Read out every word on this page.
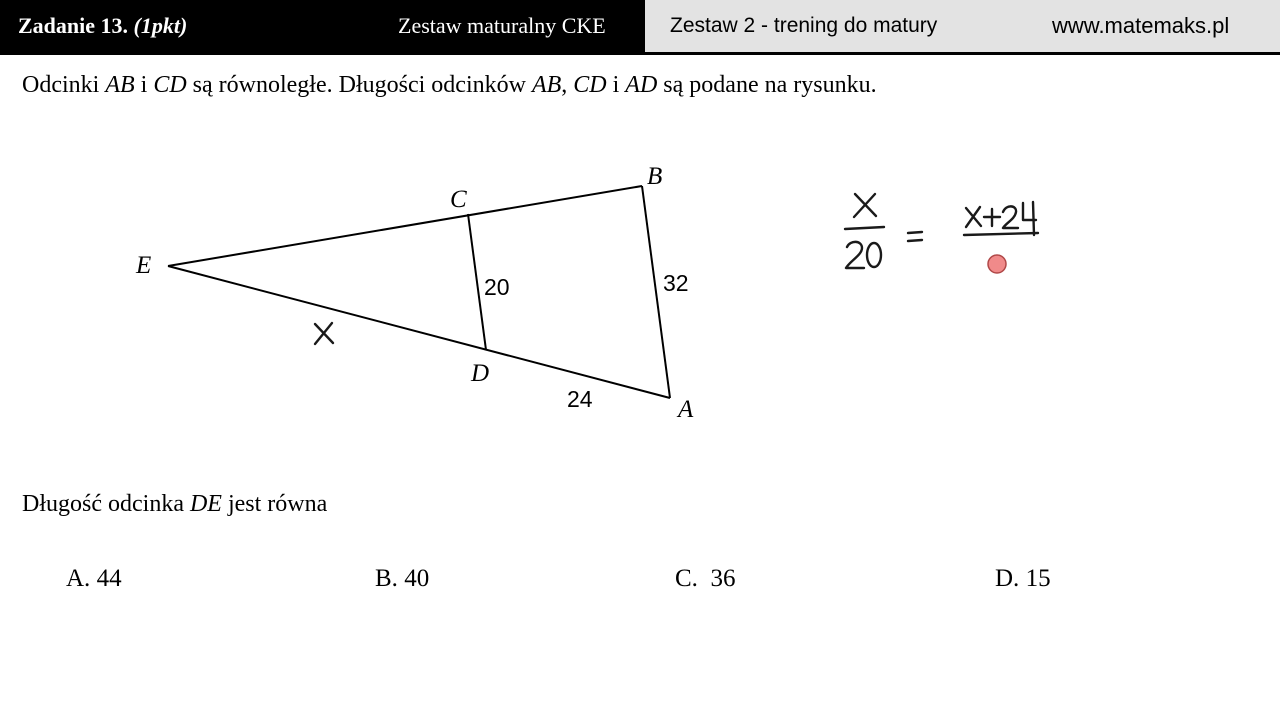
Zadanie 13. (1pkt)	Zestaw maturalny CKE	Zestaw 2 - trening do matury	www.matemaks.pl
Odcinki AB i CD są równoległe. Długości odcinków AB, CD i AD są podane na rysunku.
E
C
B
D
A
20	32
24
Długość odcinka DE jest równa
A. 44	B. 40	C. 36	D. 15
